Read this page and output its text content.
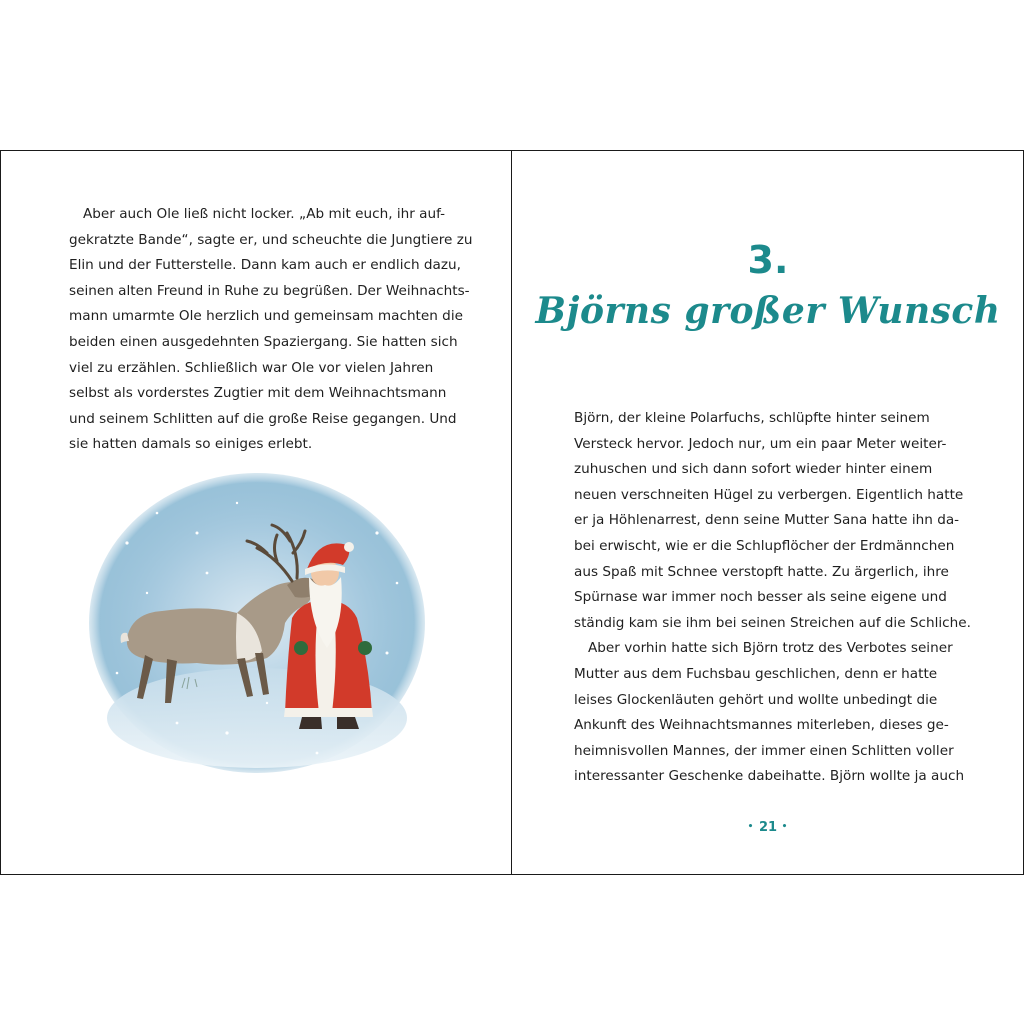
Aber auch Ole ließ nicht locker. „Ab mit euch, ihr auf-
gekratzte Bande“, sagte er, und scheuchte die Jungtiere zu
Elin und der Futterstelle. Dann kam auch er endlich dazu,
seinen alten Freund in Ruhe zu begrüßen. Der Weihnachts-
mann umarmte Ole herzlich und gemeinsam machten die
beiden einen ausgedehnten Spaziergang. Sie hatten sich
viel zu erzählen. Schließlich war Ole vor vielen Jahren
selbst als vorderstes Zugtier mit dem Weihnachtsmann
und seinem Schlitten auf die große Reise gegangen. Und
sie hatten damals so einiges erlebt.
3.
Björns großer Wunsch
Björn, der kleine Polarfuchs, schlüpfte hinter seinem
Versteck hervor. Jedoch nur, um ein paar Meter weiter-
zuhuschen und sich dann sofort wieder hinter einem
neuen verschneiten Hügel zu verbergen. Eigentlich hatte
er ja Höhlenarrest, denn seine Mutter Sana hatte ihn da-
bei erwischt, wie er die Schlupflöcher der Erdmännchen
aus Spaß mit Schnee verstopft hatte. Zu ärgerlich, ihre
Spürnase war immer noch besser als seine eigene und
ständig kam sie ihm bei seinen Streichen auf die Schliche.
Aber vorhin hatte sich Björn trotz des Verbotes seiner
Mutter aus dem Fuchsbau geschlichen, denn er hatte
leises Glockenläuten gehört und wollte unbedingt die
Ankunft des Weihnachtsmannes miterleben, dieses ge-
heimnisvollen Mannes, der immer einen Schlitten voller
interessanter Geschenke dabeihatte. Björn wollte ja auch
• 21 •
